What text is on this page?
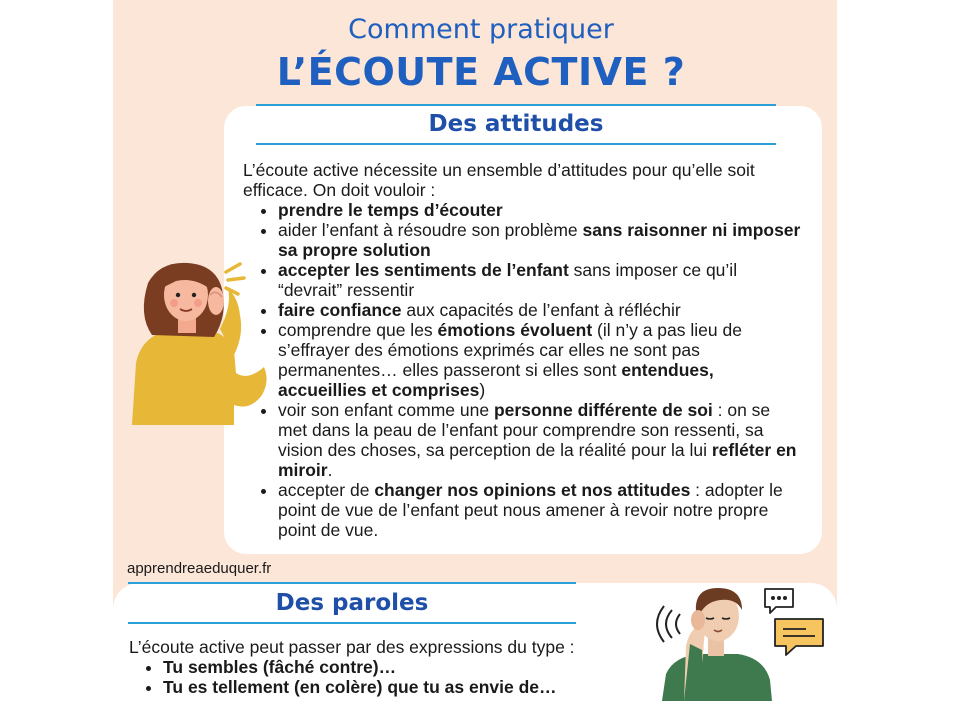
Comment pratiquer
L’ÉCOUTE ACTIVE ?
Des attitudes

L’écoute active nécessite un ensemble d’attitudes pour qu’elle soit efficace. On doit vouloir :

• prendre le temps d’écouter
• aider l’enfant à résoudre son problème sans raisonner ni imposer sa propre solution
• accepter les sentiments de l’enfant sans imposer ce qu’il “devrait” ressentir
• faire confiance aux capacités de l’enfant à réfléchir
• comprendre que les émotions évoluent (il n’y a pas lieu de s’effrayer des émotions exprimés car elles ne sont pas permanentes… elles passeront si elles sont entendues, accueillies et comprises)
• voir son enfant comme une personne différente de soi : on se met dans la peau de l’enfant pour comprendre son ressenti, sa vision des choses, sa perception de la réalité pour la lui refléter en miroir.
• accepter de changer nos opinions et nos attitudes : adopter le point de vue de l’enfant peut nous amener à revoir notre propre point de vue.
apprendreaeduquer.fr
Des paroles

L’écoute active peut passer par des expressions du type :

• Tu sembles (fâché contre)…
• Tu es tellement (en colère) que tu as envie de…
